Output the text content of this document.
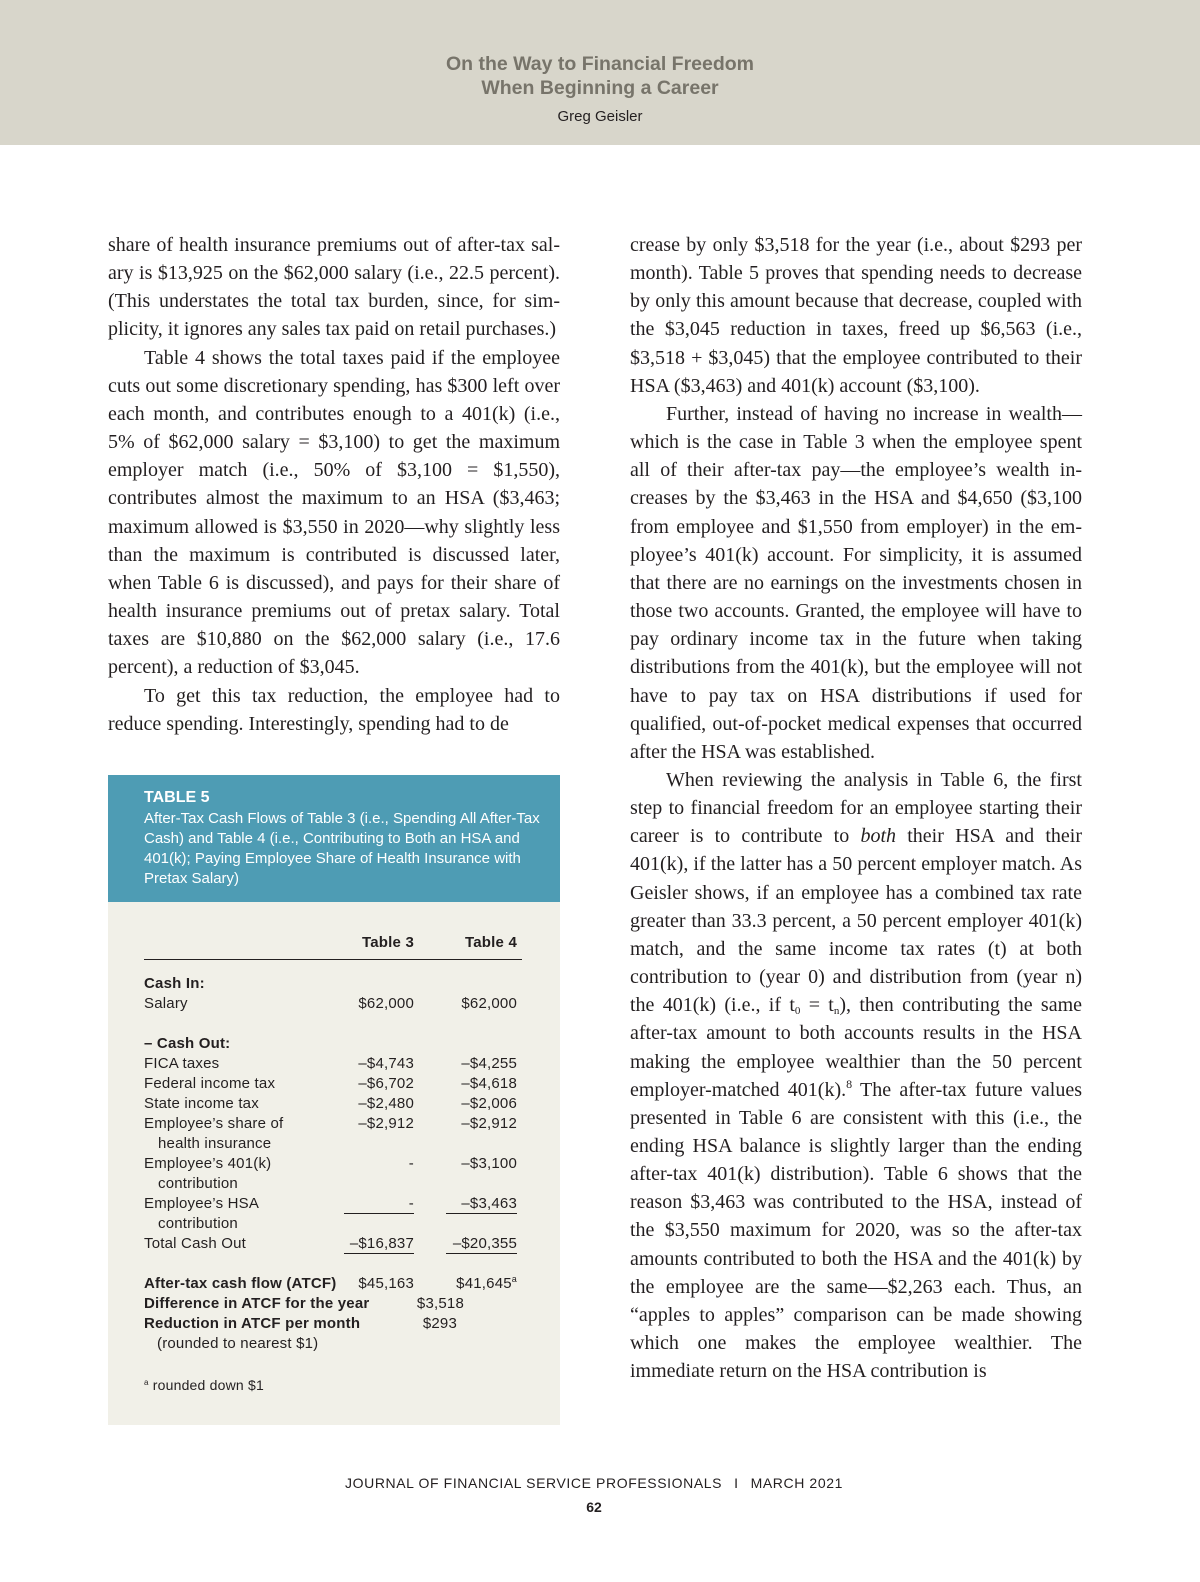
On the Way to Financial Freedom
When Beginning a Career
Greg Geisler

share of health insurance premiums out of after-tax salary is $13,925 on the $62,000 salary (i.e., 22.5 percent). (This understates the total tax burden, since, for simplicity, it ignores any sales tax paid on retail purchases.)

Table 4 shows the total taxes paid if the employee cuts out some discretionary spending, has $300 left over each month, and contributes enough to a 401(k) (i.e., 5% of $62,000 salary = $3,100) to get the maximum employer match (i.e., 50% of $3,100 = $1,550), contributes almost the maximum to an HSA ($3,463; maximum allowed is $3,550 in 2020—why slightly less than the maximum is contributed is discussed later, when Table 6 is discussed), and pays for their share of health insurance premiums out of pretax salary. Total taxes are $10,880 on the $62,000 salary (i.e., 17.6 percent), a reduction of $3,045.

To get this tax reduction, the employee had to reduce spending. Interestingly, spending had to de

crease by only $3,518 for the year (i.e., about $293 per month). Table 5 proves that spending needs to decrease by only this amount because that decrease, coupled with the $3,045 reduction in taxes, freed up $6,563 (i.e., $3,518 + $3,045) that the employee contributed to their HSA ($3,463) and 401(k) account ($3,100).

Further, instead of having no increase in wealth—which is the case in Table 3 when the employee spent all of their after-tax pay—the employee’s wealth increases by the $3,463 in the HSA and $4,650 ($3,100 from employee and $1,550 from employer) in the employee’s 401(k) account. For simplicity, it is assumed that there are no earnings on the investments chosen in those two accounts. Granted, the employee will have to pay ordinary income tax in the future when taking distributions from the 401(k), but the employee will not have to pay tax on HSA distributions if used for qualified, out-of-pocket medical expenses that occurred after the HSA was established.

When reviewing the analysis in Table 6, the first step to financial freedom for an employee starting their career is to contribute to both their HSA and their 401(k), if the latter has a 50 percent employer match. As Geisler shows, if an employee has a combined tax rate greater than 33.3 percent, a 50 percent employer 401(k) match, and the same income tax rates (t) at both contribution to (year 0) and distribution from (year n) the 401(k) (i.e., if $t_0 = t_n$), then contributing the same after-tax amount to both accounts results in the HSA making the employee wealthier than the 50 percent employer-matched 401(k).$^8$ The after-tax future values presented in Table 6 are consistent with this (i.e., the ending HSA balance is slightly larger than the ending after-tax 401(k) distribution). Table 6 shows that the reason $3,463 was contributed to the HSA, instead of the $3,550 maximum for 2020, was so the after-tax amounts contributed to both the HSA and the 401(k) by the employee are the same—$2,263 each. Thus, an “apples to apples” comparison can be made showing which one makes the employee wealthier. The immediate return on the HSA contribution is

TABLE 5
After-Tax Cash Flows of Table 3 (i.e., Spending All After-Tax Cash) and Table 4 (i.e., Contributing to Both an HSA and 401(k); Paying Employee Share of Health Insurance with Pretax Salary)
Table 3	Table 4
Cash In:
Salary	$62,000	$62,000
– Cash Out:
FICA taxes	–$4,743	–$4,255
Federal income tax	–$6,702	–$4,618
State income tax	–$2,480	–$2,006
Employee’s share of
health insurance
–$2,912	–$2,912
Employee’s 401(k)
contribution
-	–$3,100
Employee’s HSA
contribution
-	–$3,463
Total Cash Out	–$16,837	–$20,355
After-tax cash flow (ATCF)	$45,163	$41,645$^a$
Difference in ATCF for the year	$3,518
Reduction in ATCF per month	$293
(rounded to nearest $1)
$^a$ rounded down $1
JOURNAL OF FINANCIAL SERVICE PROFESSIONALS I MARCH 2021
62
